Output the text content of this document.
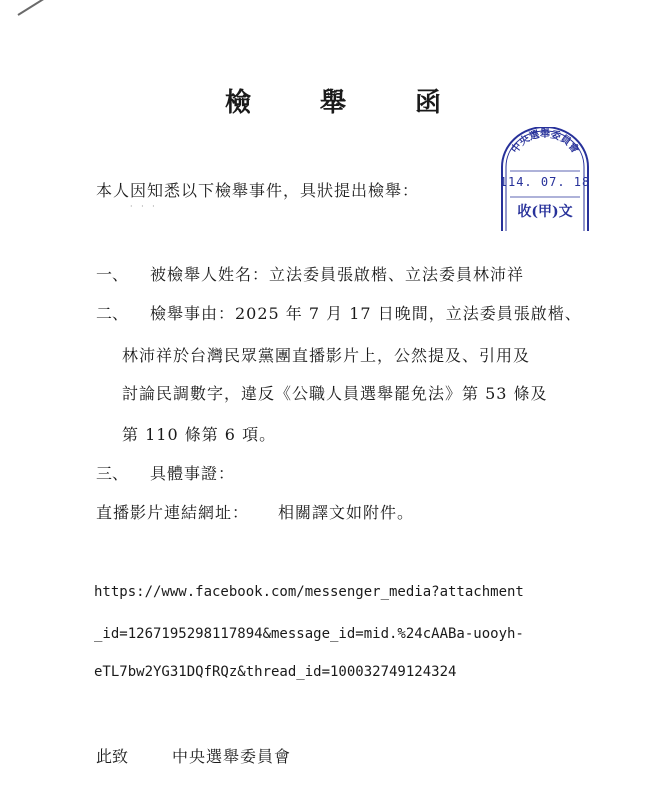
檢 舉 函
中央選舉委員會
114. 07. 18
收(甲)文
本人因知悉以下檢舉事件，具狀提出檢舉：
· · ·
一、 被檢舉人姓名：立法委員張啟楷、立法委員林沛祥
二、 檢舉事由：2025 年 7 月 17 日晚間，立法委員張啟楷、
林沛祥於台灣民眾黨團直播影片上，公然提及、引用及
討論民調數字，違反《公職人員選舉罷免法》第 53 條及
第 110 條第 6 項。
三、 具體事證：
直播影片連結網址： 相關譯文如附件。
https://www.facebook.com/messenger_media?attachment
_id=1267195298117894&message_id=mid.%24cAABa-uooyh-
eTL7bw2YG31DQfRQz&thread_id=100032749124324
此致	中央選舉委員會
